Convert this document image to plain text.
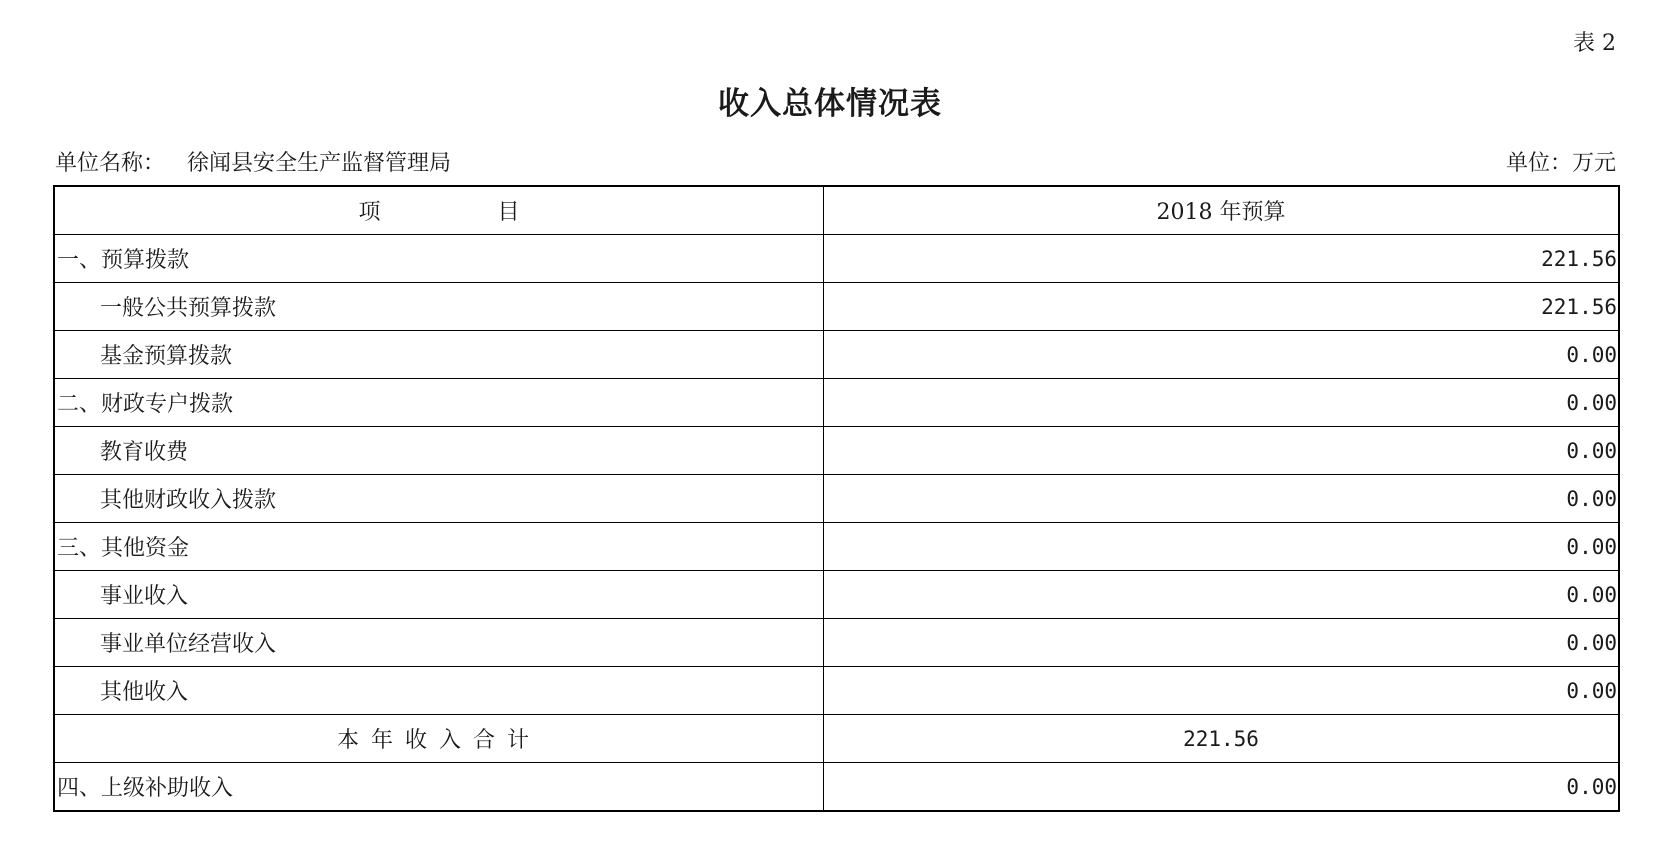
表 2
收入总体情况表
单位名称： 徐闻县安全生产监督管理局	单位：万元
项 目	2018 年预算
一、预算拨款	221.56
一般公共预算拨款	221.56
基金预算拨款	0.00
二、财政专户拨款	0.00
教育收费	0.00
其他财政收入拨款	0.00
三、其他资金	0.00
事业收入	0.00
事业单位经营收入	0.00
其他收入	0.00
本年收入合计	221.56
四、上级补助收入	0.00
